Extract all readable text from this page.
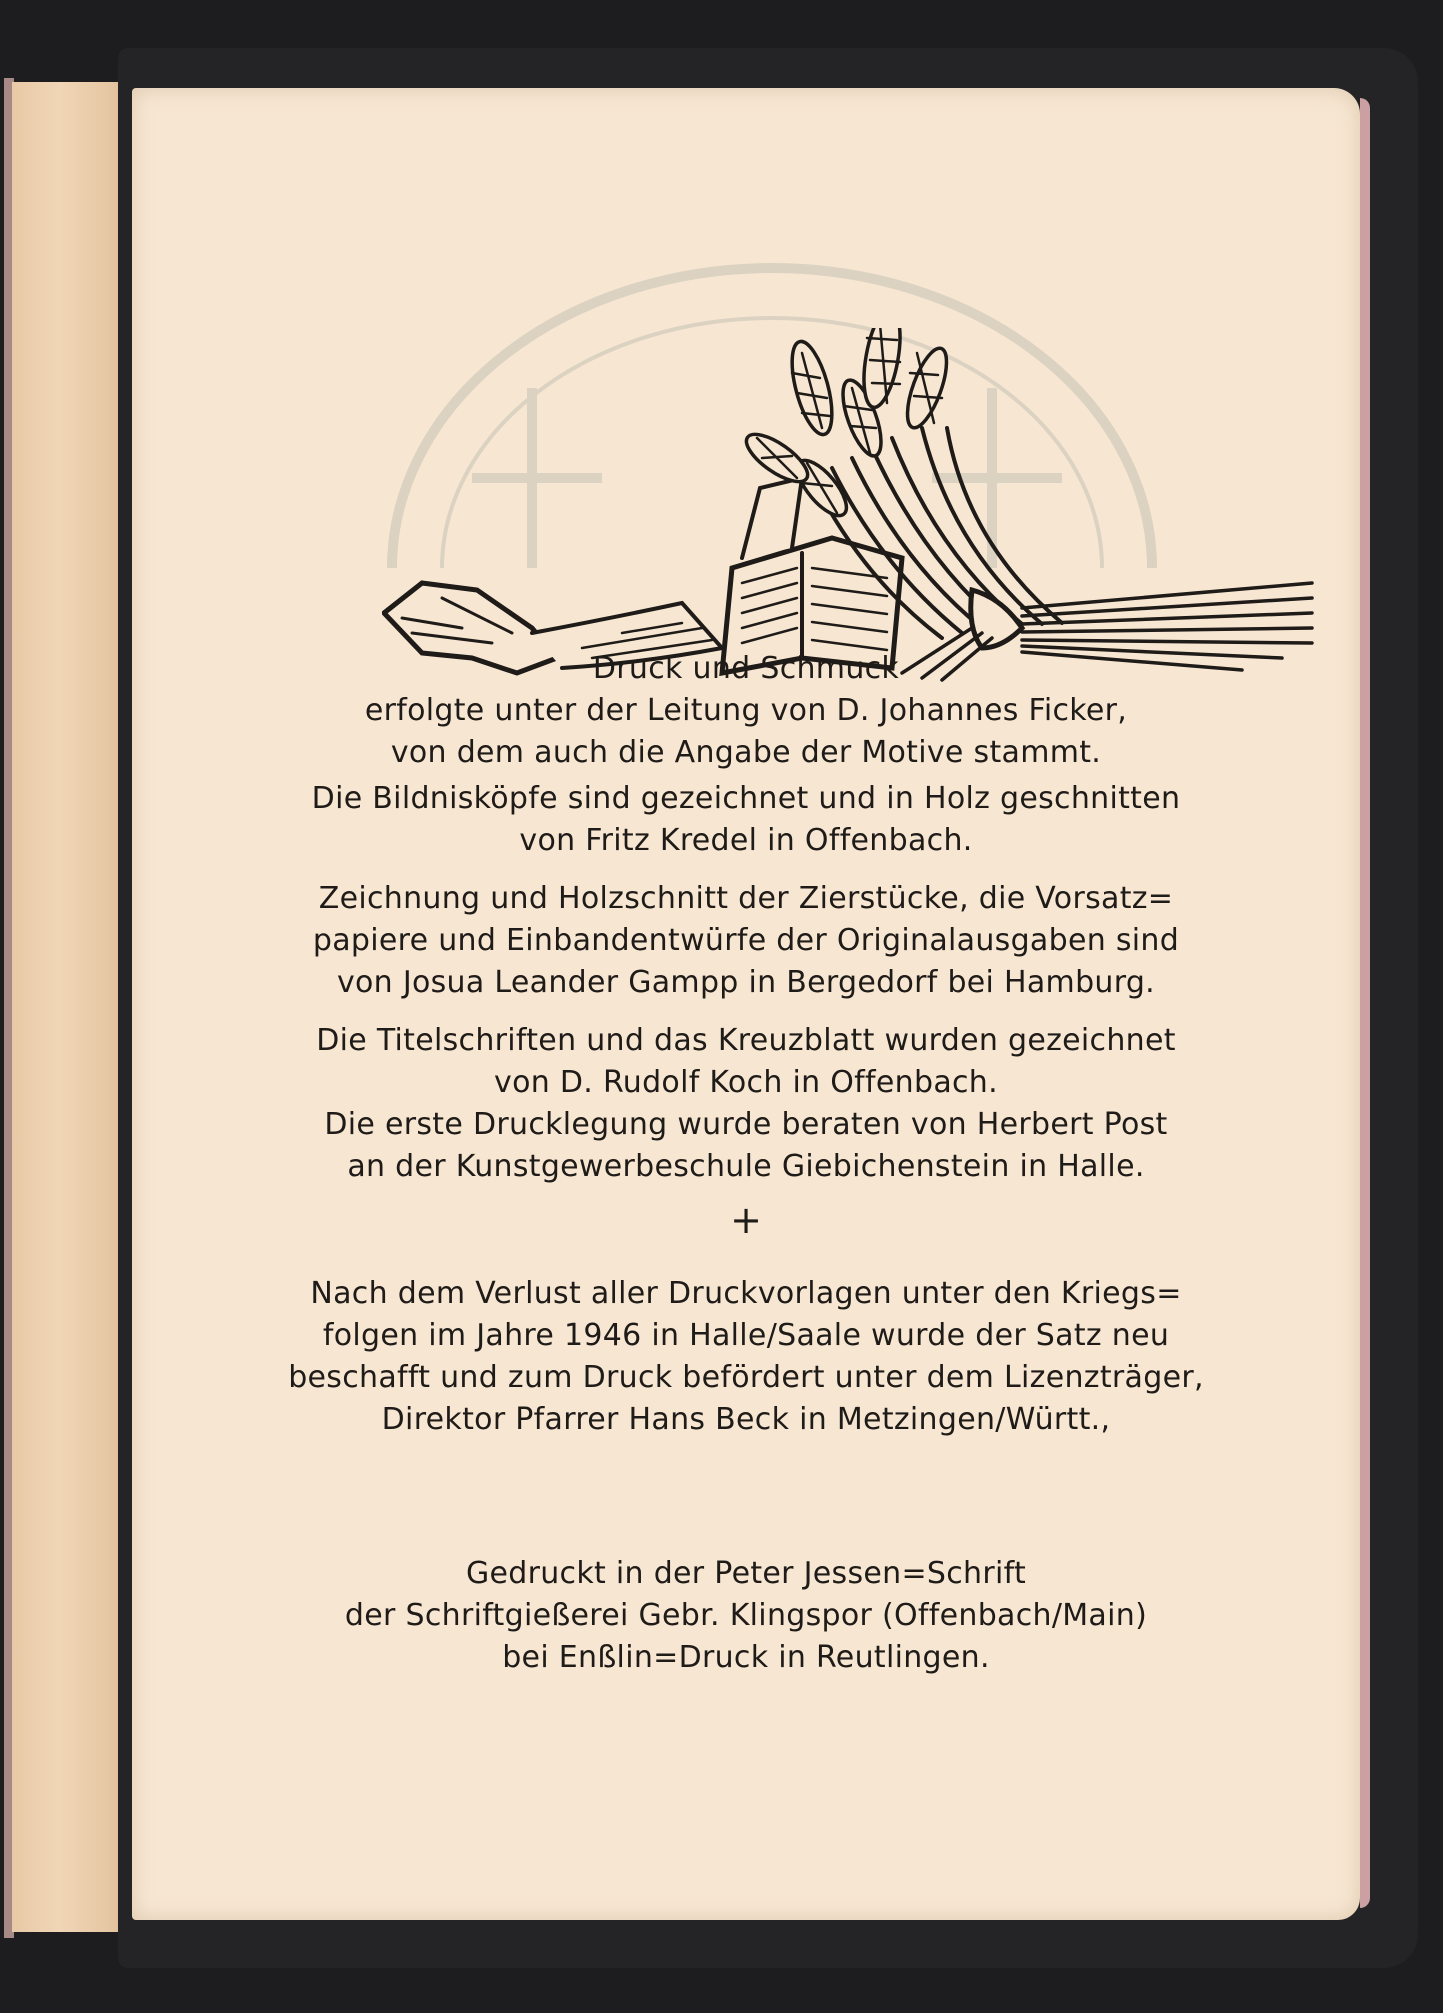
Druck und Schmuck

erfolgte unter der Leitung von D. Johannes Ficker,

von dem auch die Angabe der Motive stammt.

Die Bildnisköpfe sind gezeichnet und in Holz geschnitten

von Fritz Kredel in Offenbach.

Zeichnung und Holzschnitt der Zierstücke, die Vorsatz=

papiere und Einbandentwürfe der Originalausgaben sind

von Josua Leander Gampp in Bergedorf bei Hamburg.

Die Titelschriften und das Kreuzblatt wurden gezeichnet

von D. Rudolf Koch in Offenbach.

Die erste Drucklegung wurde beraten von Herbert Post

an der Kunstgewerbeschule Giebichenstein in Halle.

+

Nach dem Verlust aller Druckvorlagen unter den Kriegs=

folgen im Jahre 1946 in Halle/Saale wurde der Satz neu

beschafft und zum Druck befördert unter dem Lizenzträger,

Direktor Pfarrer Hans Beck in Metzingen/Württ.,

Gedruckt in der Peter Jessen=Schrift

der Schriftgießerei Gebr. Klingspor (Offenbach/Main)

bei Enßlin=Druck in Reutlingen.
